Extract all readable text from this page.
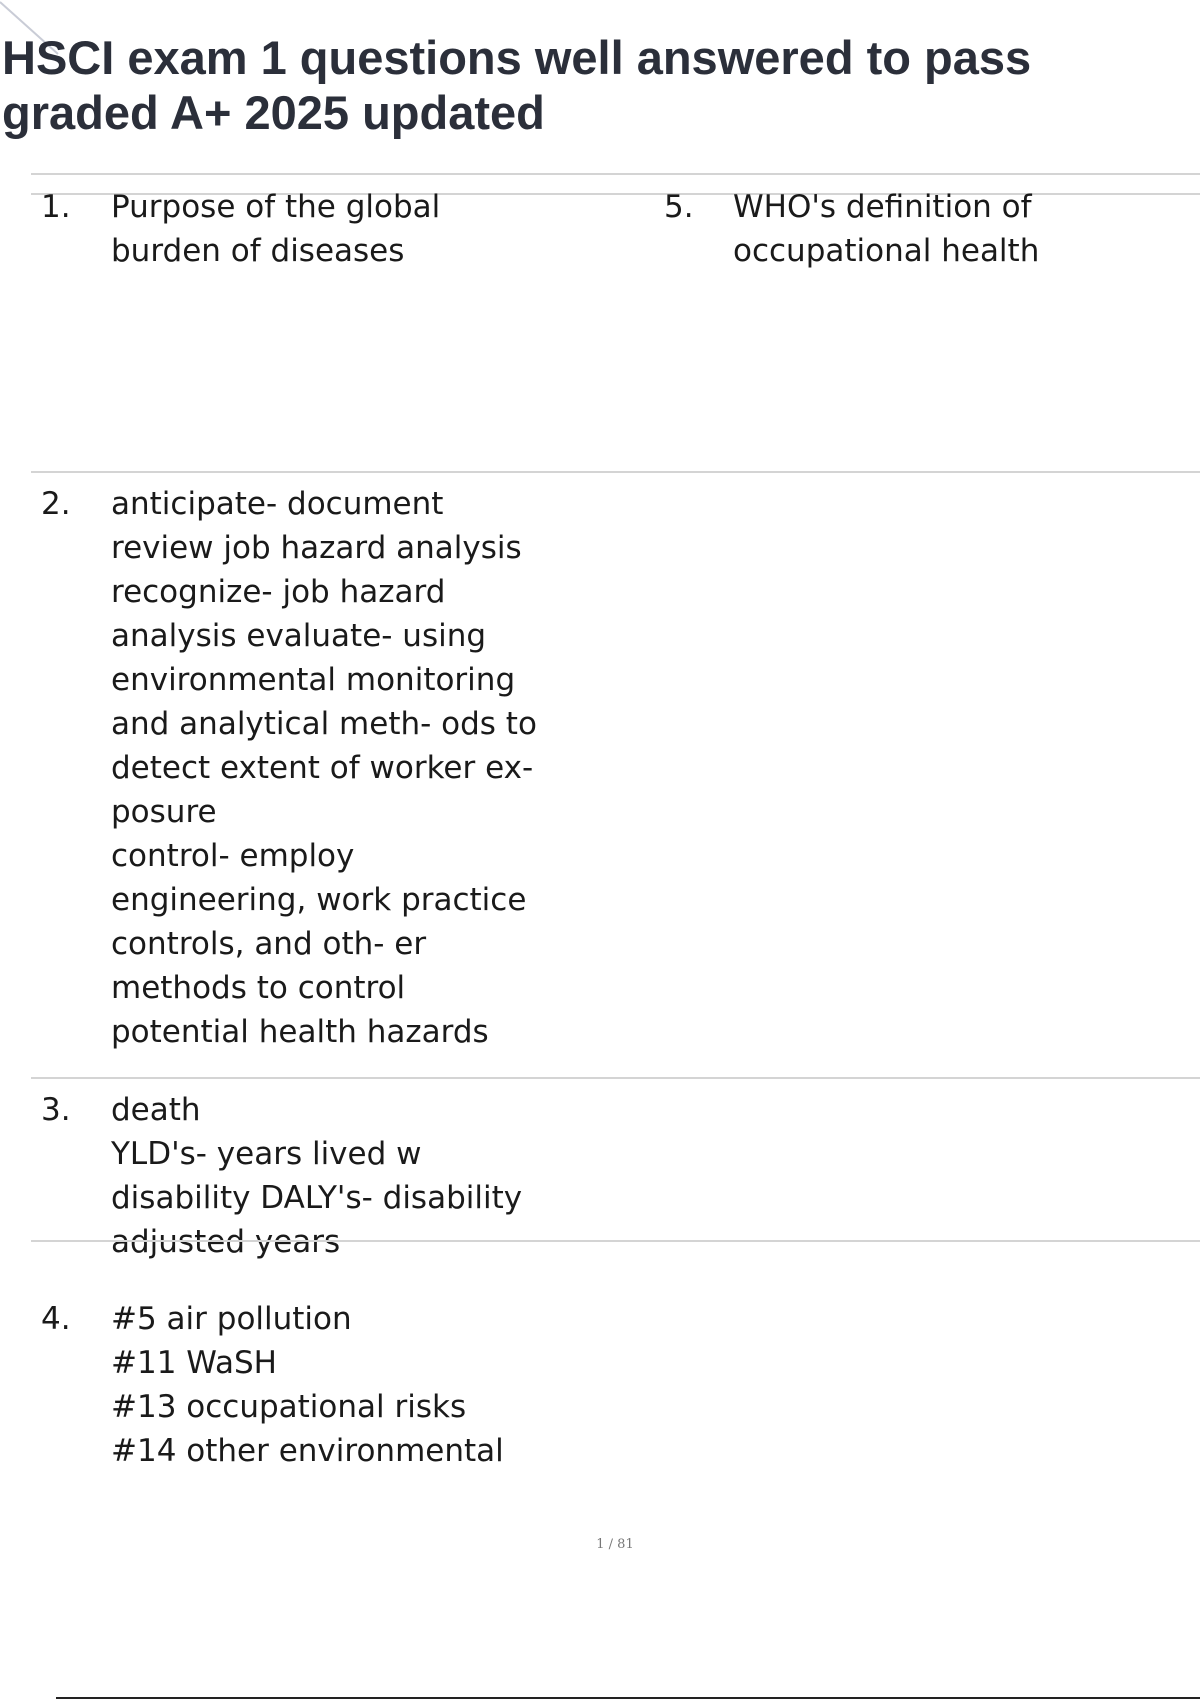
HSCI exam 1 questions well answered to pass graded A+ 2025 updated
1.	Purpose of the global
burden of diseases
5.	WHO's definition of
occupational health
2.	anticipate- document
review job hazard analysis
recognize- job hazard
analysis evaluate- using
environmental monitoring
and analytical meth- ods to
detect extent of worker ex-
posure
control- employ
engineering, work practice
controls, and oth- er
methods to control
potential health hazards
3.	death
YLD's- years lived w
disability DALY's- disability
adjusted years
4.	#5 air pollution
#11 WaSH
#13 occupational risks
#14 other environmental
1 / 81
